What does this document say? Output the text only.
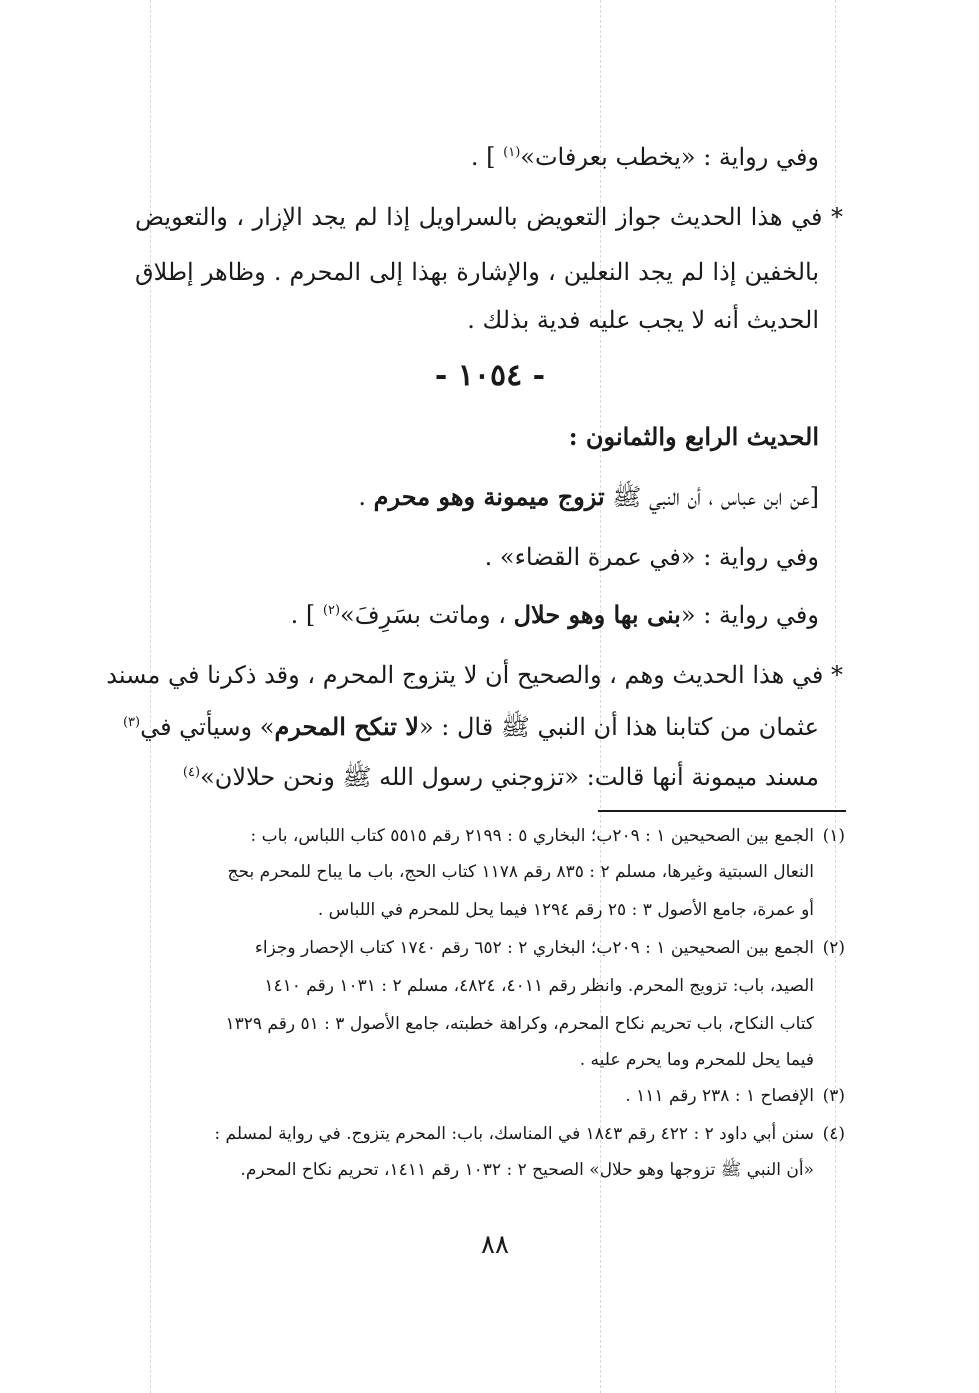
وفي رواية : «يخطب بعرفات»$^{(١)}$ ] .
* في هذا الحديث جواز التعويض بالسراويل إذا لم يجد الإزار ، والتعويض
بالخفين إذا لم يجد النعلين ، والإشارة بهذا إلى المحرم . وظاهر إطلاق
الحديث أنه لا يجب عليه فدية بذلك .
- ١٠٥٤ -
الحديث الرابع والثمانون :
[عن ابن عباس ، أن النبي ﷺ تزوج ميمونة وهو محرم .
وفي رواية : «في عمرة القضاء» .
وفي رواية : «بنى بها وهو حلال ، وماتت بسَرِفَ»$^{(٢)}$ ] .
* في هذا الحديث وهم ، والصحيح أن لا يتزوج المحرم ، وقد ذكرنا في مسند
عثمان من كتابنا هذا أن النبي ﷺ قال : «لا تنكح المحرم» وسيأتي في$^{(٣)}$
مسند ميمونة أنها قالت: «تزوجني رسول الله ﷺ ونحن حلالان»$^{(٤)}$
(١)
الجمع بين الصحيحين ١ : ٢٠٩ب؛ البخاري ٥ : ٢١٩٩ رقم ٥٥١٥ كتاب اللباس، باب :
النعال السبتية وغيرها، مسلم ٢ : ٨٣٥ رقم ١١٧٨ كتاب الحج، باب ما يباح للمحرم بحج
أو عمرة، جامع الأصول ٣ : ٢٥ رقم ١٢٩٤ فيما يحل للمحرم في اللباس .
(٢)
الجمع بين الصحيحين ١ : ٢٠٩ب؛ البخاري ٢ : ٦٥٢ رقم ١٧٤٠ كتاب الإحصار وجزاء
الصيد، باب: تزويج المحرم. وانظر رقم ٤٠١١، ٤٨٢٤، مسلم ٢ : ١٠٣١ رقم ١٤١٠
كتاب النكاح، باب تحريم نكاح المحرم، وكراهة خطبته، جامع الأصول ٣ : ٥١ رقم ١٣٢٩
فيما يحل للمحرم وما يحرم عليه .
(٣)
الإفصاح ١ : ٢٣٨ رقم ١١١ .
(٤)
سنن أبي داود ٢ : ٤٢٢ رقم ١٨٤٣ في المناسك، باب: المحرم يتزوج. في رواية لمسلم :
«أن النبي ﷺ تزوجها وهو حلال» الصحيح ٢ : ١٠٣٢ رقم ١٤١١، تحريم نكاح المحرم.
٨٨
